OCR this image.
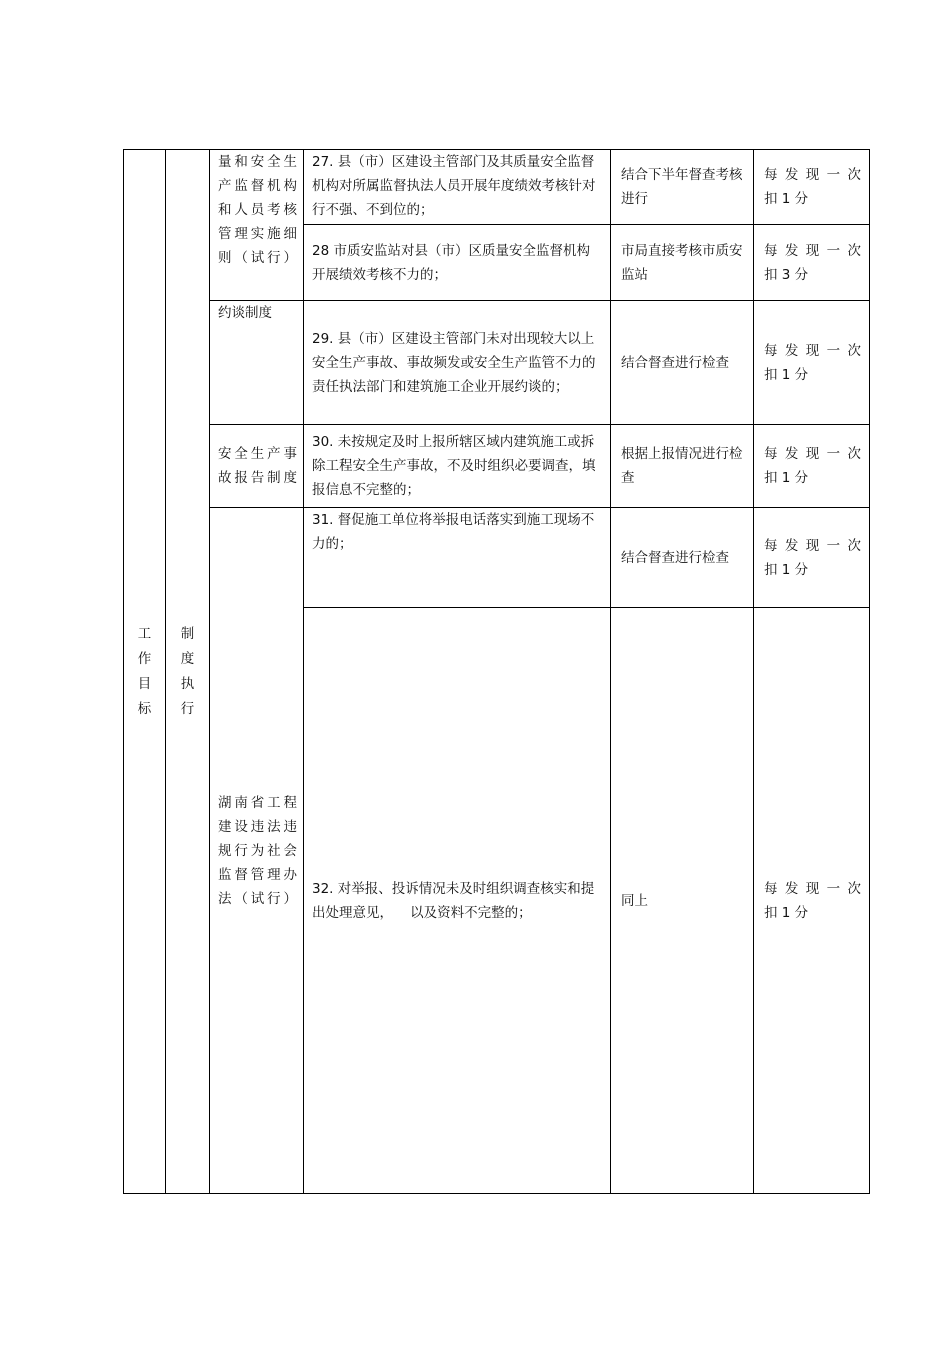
工作目标	制度执行	量和安全生产监督机构和人员考核管理实施细则（试行）	27. 县（市）区建设主管部门及其质量安全监督机构对所属监督执法人员开展年度绩效考核针对行不强、不到位的；	结合下半年督查考核进行	每发现一次
扣 1 分

			28 市质安监站对县（市）区质量安全监督机构开展绩效考核不力的；	市局直接考核市质安监站	每发现一次
扣 3 分

		约谈制度	29. 县（市）区建设主管部门未对出现较大以上安全生产事故、事故频发或安全生产监管不力的责任执法部门和建筑施工企业开展约谈的；	结合督查进行检查	每发现一次
扣 1 分

		安全生产事故报告制度	30. 未按规定及时上报所辖区域内建筑施工或拆除工程安全生产事故，不及时组织必要调查，填报信息不完整的；	根据上报情况进行检查	每发现一次
扣 1 分

		湖南省工程建设违法违规行为社会监督管理办法（试行）	31. 督促施工单位将举报电话落实到施工现场不力的；	结合督查进行检查	每发现一次
扣 1 分

			32. 对举报、投诉情况未及时组织调查核实和提出处理意见，    以及资料不完整的；	同上	每发现一次
扣 1 分
